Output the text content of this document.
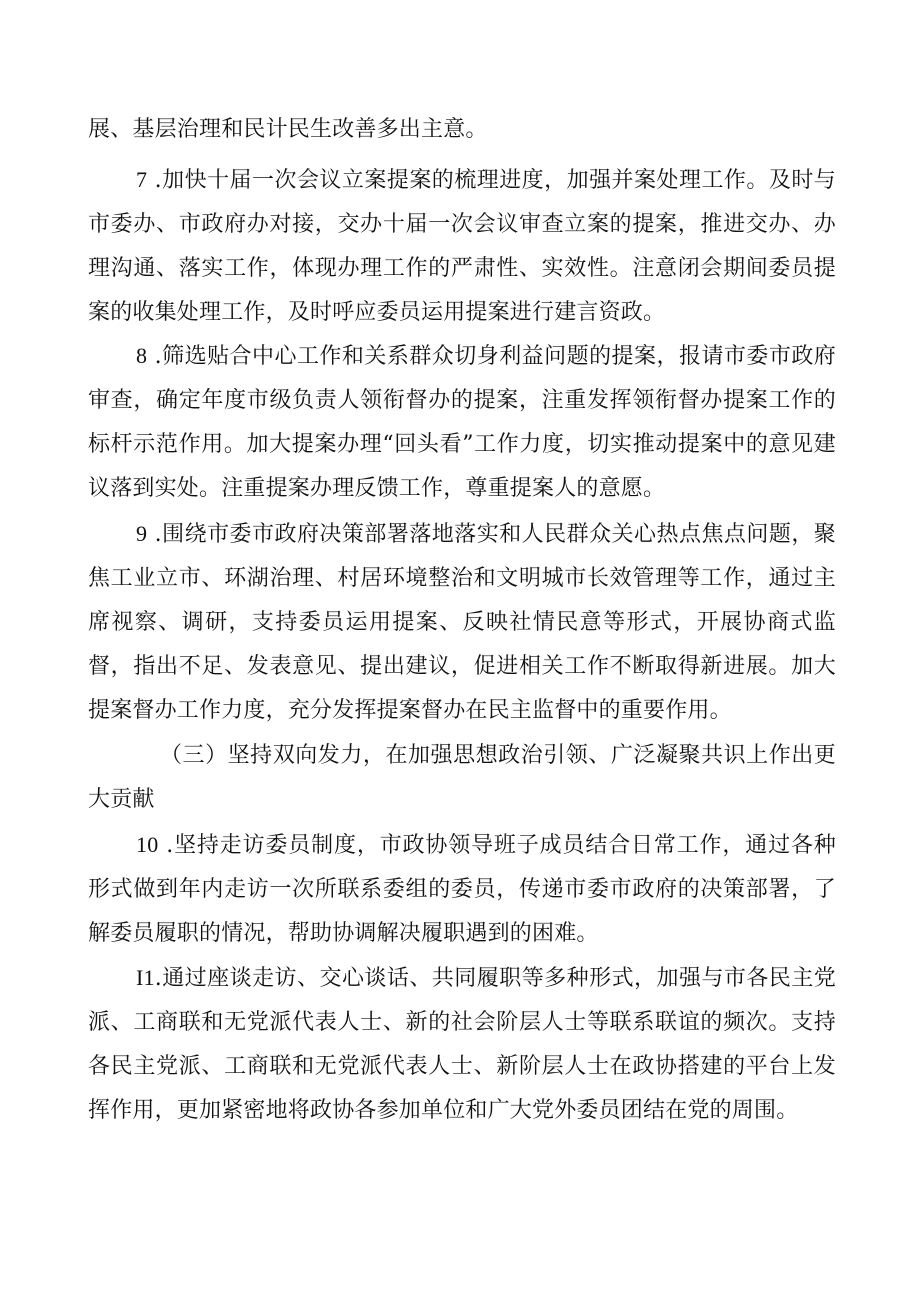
展、基层治理和民计民生改善多出主意。

7 .加快十届一次会议立案提案的梳理进度，加强并案处理工作。及时与市委办、市政府办对接，交办十届一次会议审查立案的提案，推进交办、办理沟通、落实工作，体现办理工作的严肃性、实效性。注意闭会期间委员提案的收集处理工作，及时呼应委员运用提案进行建言资政。

8 .筛选贴合中心工作和关系群众切身利益问题的提案，报请市委市政府审查，确定年度市级负责人领衔督办的提案，注重发挥领衔督办提案工作的标杆示范作用。加大提案办理“回头看”工作力度，切实推动提案中的意见建议落到实处。注重提案办理反馈工作，尊重提案人的意愿。

9 .围绕市委市政府决策部署落地落实和人民群众关心热点焦点问题，聚焦工业立市、环湖治理、村居环境整治和文明城市长效管理等工作，通过主席视察、调研，支持委员运用提案、反映社情民意等形式，开展协商式监督，指出不足、发表意见、提出建议，促进相关工作不断取得新进展。加大提案督办工作力度，充分发挥提案督办在民主监督中的重要作用。

（三）坚持双向发力，在加强思想政治引领、广泛凝聚共识上作出更大贡献

10 .坚持走访委员制度，市政协领导班子成员结合日常工作，通过各种形式做到年内走访一次所联系委组的委员，传递市委市政府的决策部署，了解委员履职的情况，帮助协调解决履职遇到的困难。

I1.通过座谈走访、交心谈话、共同履职等多种形式，加强与市各民主党派、工商联和无党派代表人士、新的社会阶层人士等联系联谊的频次。支持各民主党派、工商联和无党派代表人士、新阶层人士在政协搭建的平台上发挥作用，更加紧密地将政协各参加单位和广大党外委员团结在党的周围。
